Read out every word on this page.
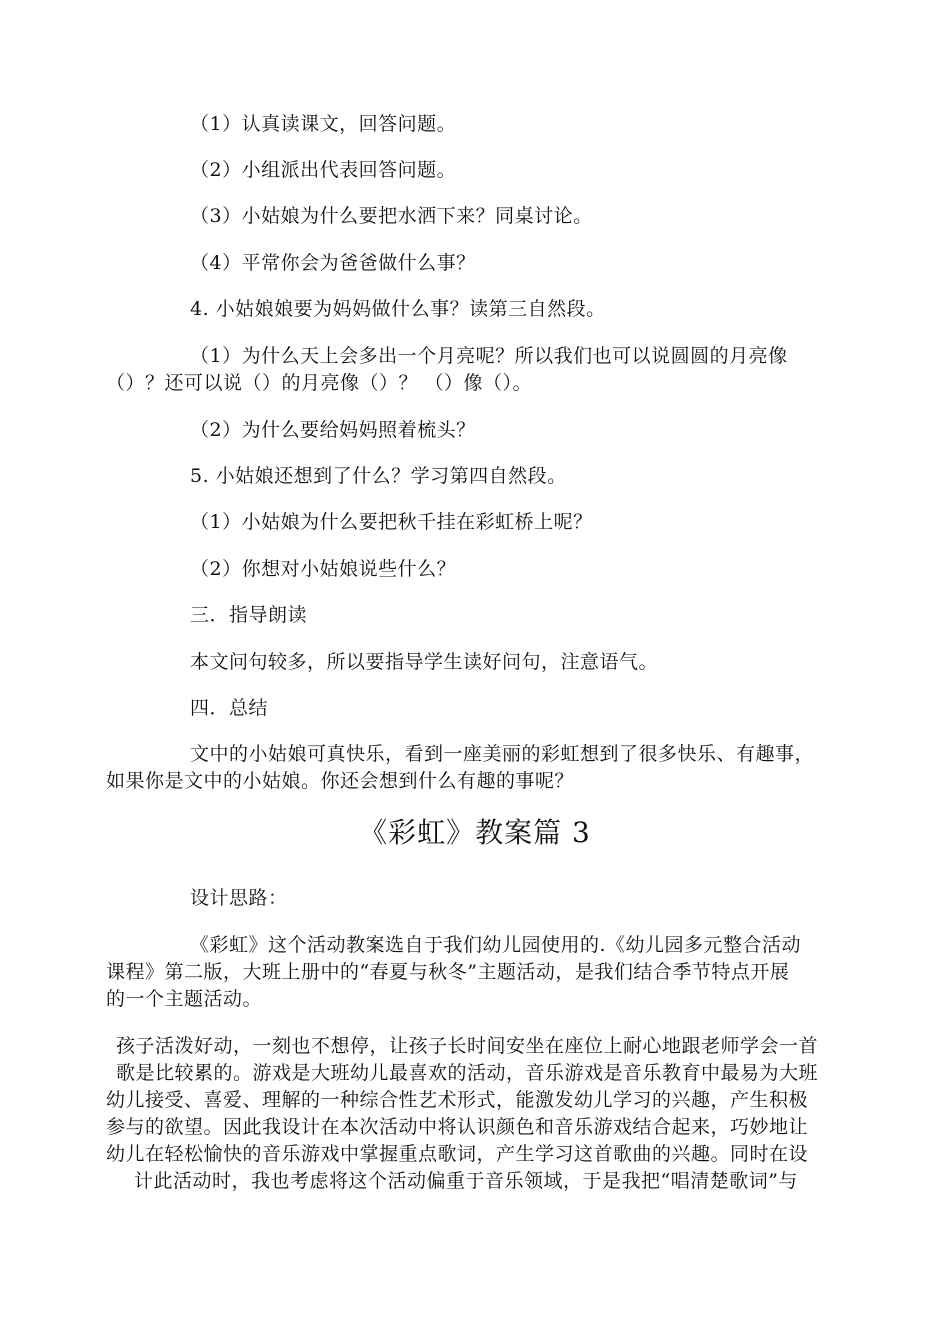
（1）认真读课文，回答问题。
（2）小组派出代表回答问题。
（3）小姑娘为什么要把水洒下来？同桌讨论。
（4）平常你会为爸爸做什么事？
4. 小姑娘娘要为妈妈做什么事？读第三自然段。
（1）为什么天上会多出一个月亮呢？所以我们也可以说圆圆的月亮像
（）？还可以说（）的月亮像（）？ （）像（）。
（2）为什么要给妈妈照着梳头？
5. 小姑娘还想到了什么？学习第四自然段。
（1）小姑娘为什么要把秋千挂在彩虹桥上呢？
（2）你想对小姑娘说些什么？
三．指导朗读
本文问句较多，所以要指导学生读好问句，注意语气。
四．总结
文中的小姑娘可真快乐，看到一座美丽的彩虹想到了很多快乐、有趣事，
如果你是文中的小姑娘。你还会想到什么有趣的事呢？
《彩虹》教案篇 3
设计思路：
《彩虹》这个活动教案选自于我们幼儿园使用的.《幼儿园多元整合活动
课程》第二版，大班上册中的“春夏与秋冬”主题活动，是我们结合季节特点开展
的一个主题活动。
孩子活泼好动，一刻也不想停，让孩子长时间安坐在座位上耐心地跟老师学会一首
歌是比较累的。游戏是大班幼儿最喜欢的活动，音乐游戏是音乐教育中最易为大班
幼儿接受、喜爱、理解的一种综合性艺术形式，能激发幼儿学习的兴趣，产生积极
参与的欲望。因此我设计在本次活动中将认识颜色和音乐游戏结合起来，巧妙地让
幼儿在轻松愉快的音乐游戏中掌握重点歌词，产生学习这首歌曲的兴趣。同时在设
计此活动时，我也考虑将这个活动偏重于音乐领域，于是我把“唱清楚歌词”与
